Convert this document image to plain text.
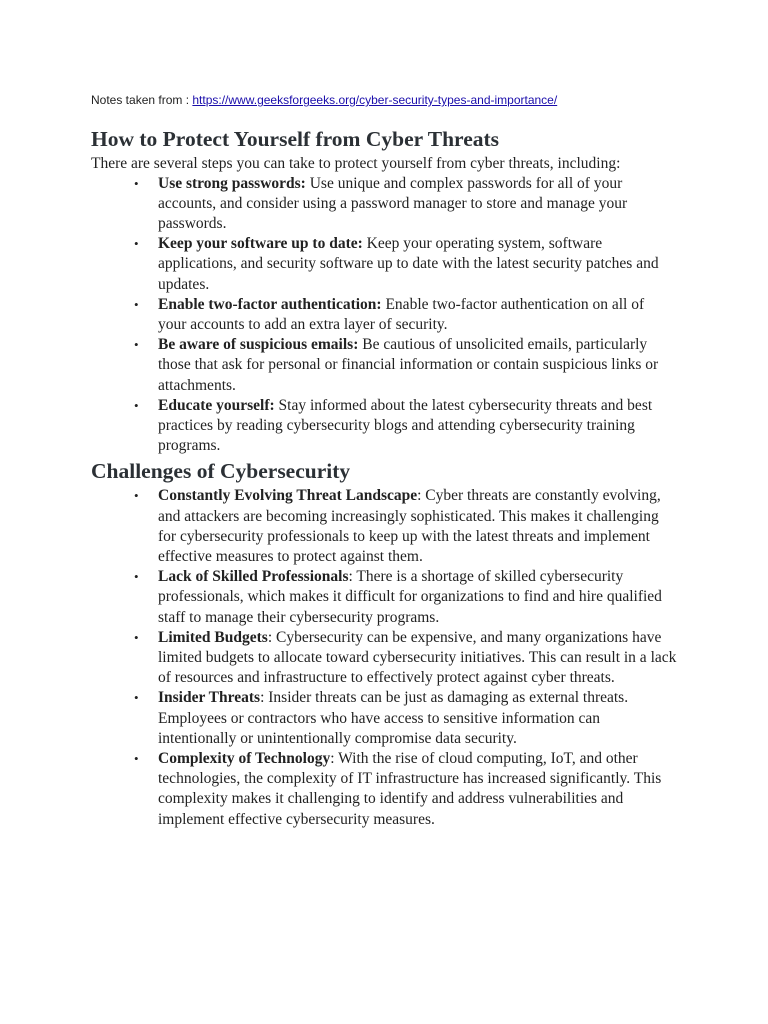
Notes taken from : https://www.geeksforgeeks.org/cyber-security-types-and-importance/
How to Protect Yourself from Cyber Threats

There are several steps you can take to protect yourself from cyber threats, including:

• Use strong passwords: Use unique and complex passwords for all of your accounts, and consider using a password manager to store and manage your passwords.
• Keep your software up to date: Keep your operating system, software applications, and security software up to date with the latest security patches and updates.
• Enable two-factor authentication: Enable two-factor authentication on all of your accounts to add an extra layer of security.
• Be aware of suspicious emails: Be cautious of unsolicited emails, particularly those that ask for personal or financial information or contain suspicious links or attachments.
• Educate yourself: Stay informed about the latest cybersecurity threats and best practices by reading cybersecurity blogs and attending cybersecurity training programs.
Challenges of Cybersecurity
• Constantly Evolving Threat Landscape: Cyber threats are constantly evolving, and attackers are becoming increasingly sophisticated. This makes it challenging for cybersecurity professionals to keep up with the latest threats and implement effective measures to protect against them.
• Lack of Skilled Professionals: There is a shortage of skilled cybersecurity professionals, which makes it difficult for organizations to find and hire qualified staff to manage their cybersecurity programs.
• Limited Budgets: Cybersecurity can be expensive, and many organizations have limited budgets to allocate toward cybersecurity initiatives. This can result in a lack of resources and infrastructure to effectively protect against cyber threats.
• Insider Threats: Insider threats can be just as damaging as external threats. Employees or contractors who have access to sensitive information can intentionally or unintentionally compromise data security.
• Complexity of Technology: With the rise of cloud computing, IoT, and other technologies, the complexity of IT infrastructure has increased significantly. This complexity makes it challenging to identify and address vulnerabilities and implement effective cybersecurity measures.
